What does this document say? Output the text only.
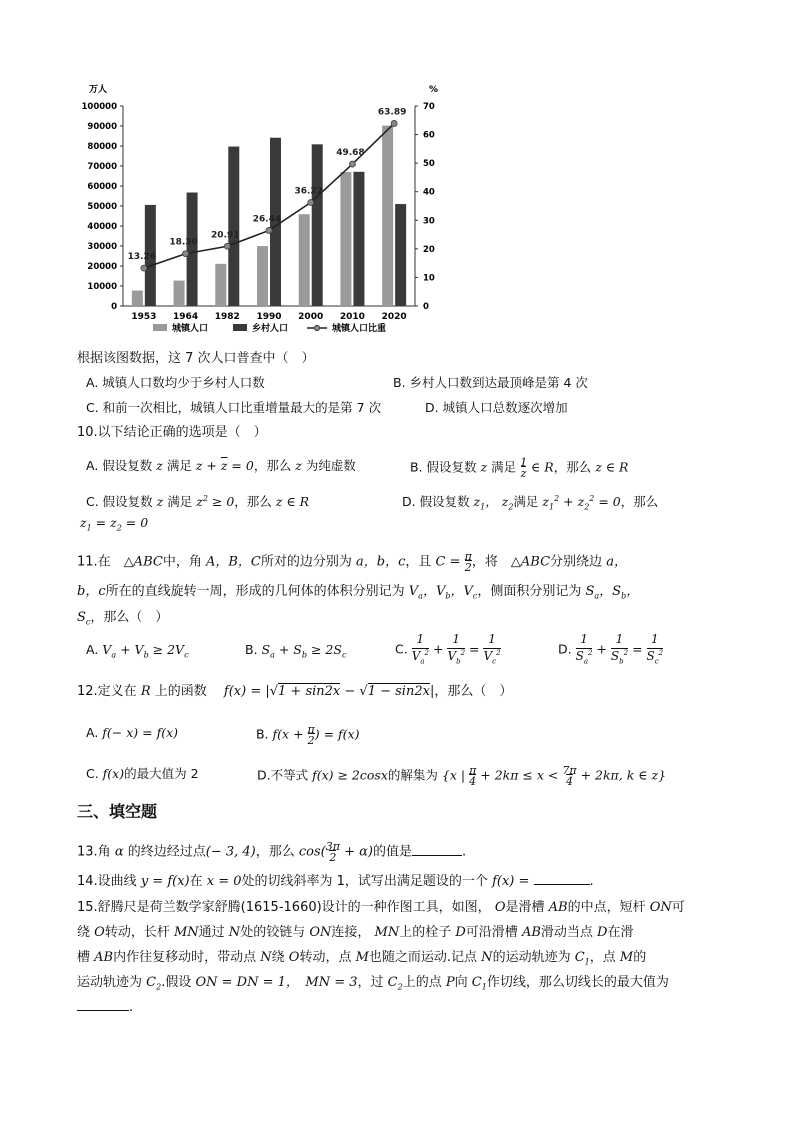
万人	%
0
10000
20000
30000
40000
50000
60000
70000
80000
90000
100000
0
10
20
30
40
50
60
70
1953 1964 1982 1990 2000 2010 2020
13.26
18.30
20.91
26.44
36.22
49.68
63.89
城镇人口	乡村人口	城镇人口比重
根据该图数据，这 7 次人口普查中（　）
A. 城镇人口数均少于乡村人口数	B. 乡村人口数到达最顶峰是第 4 次
C. 和前一次相比，城镇人口比重增量最大的是第 7 次	D. 城镇人口总数逐次增加
10.以下结论正确的选项是（　）
A. 假设复数 z 满足 $z + \overline{z} = 0$，那么 z 为纯虚数	B. 假设复数 z 满足 1
z ∈ R，那么 z ∈ R
C. 假设复数 z 满足 $z^2 \ge 0$，那么 z ∈ R	D. 假设复数 $z_1$， $z_2$满足 $z_1^2 + z_2^2 = 0$，那么
$z_1 = z_2 = 0$
11.在　△ABC中，角 A，B，C所对的边分别为 a，b，c，且 C = π
2，将　△ABC分别绕边 a，
b，c所在的直线旋转一周，形成的几何体的体积分别记为 $V_a$，$V_b$，$V_c$，侧面积分别记为 $S_a$，$S_b$，
$S_c$，那么（　）
A. $V_a + V_b \ge 2V_c$	B. $S_a + S_b \ge 2S_c$	C. 1
$V_a^2 + 1$
$V_b^2 = 1$
$V_c^2$	D. 1
$S_a^2 + 1$
$S_b^2 = 1$
$S_c^2$
12.定义在 R 上的函数 　f(x) = |√1 + sin2x − √1 − sin2x|，那么（　）
A. f(− x) = f(x)	B. f(x + π
2) = f(x)
C. f(x)的最大值为 2	D.不等式 f(x) ≥ 2cosx的解集为 {x | π
4 + 2kπ ≤ x < 7π
4 + 2kπ, k ∈ z}
三、填空题
13.角 α 的终边经过点(− 3, 4)，那么 cos(3π
2 + α)的值是	.
14.设曲线 y = f(x)在 x = 0处的切线斜率为 1，试写出满足题设的一个 f(x) =	.
15.舒腾尺是荷兰数学家舒腾(1615-1660)设计的一种作图工具，如图， O是滑槽 AB的中点，短杆 ON可
绕 O转动，长杆 MN通过 N处的铰链与 ON连接， MN上的栓子 D可沿滑槽 AB滑动当点 D在滑
槽 AB内作往复移动时，带动点 N绕 O转动，点 M也随之而运动.记点 N的运动轨迹为 $C_1$，点 M的
运动轨迹为 $C_2$.假设 ON = DN = 1，　MN = 3，过 $C_2$上的点 P向 $C_1$作切线，那么切线长的最大值为
.
